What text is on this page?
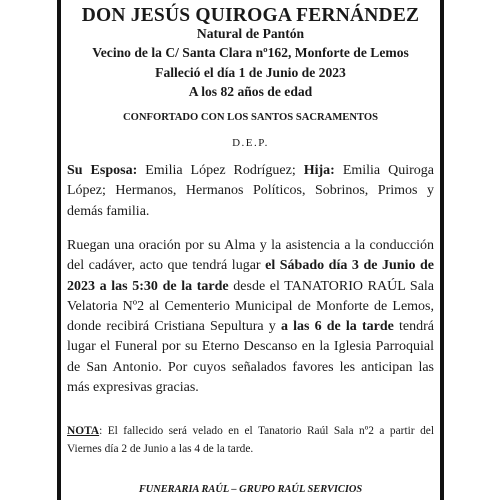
DON JESÚS QUIROGA FERNÁNDEZ
Natural de Pantón
Vecino de la C/ Santa Clara nº162, Monforte de Lemos
Falleció el día 1 de Junio de 2023
A los 82 años de edad
CONFORTADO CON LOS SANTOS SACRAMENTOS
D.E.P.
Su Esposa: Emilia López Rodríguez; Hija: Emilia Quiroga López; Hermanos, Hermanos Políticos, Sobrinos, Primos y demás familia.
Ruegan una oración por su Alma y la asistencia a la conducción del cadáver, acto que tendrá lugar el Sábado día 3 de Junio de 2023 a las 5:30 de la tarde desde el TANATORIO RAÚL Sala Velatoria Nº2 al Cementerio Municipal de Monforte de Lemos, donde recibirá Cristiana Sepultura y a las 6 de la tarde tendrá lugar el Funeral por su Eterno Descanso en la Iglesia Parroquial de San Antonio. Por cuyos señalados favores les anticipan las más expresivas gracias.
NOTA: El fallecido será velado en el Tanatorio Raúl Sala nº2 a partir del Viernes día 2 de Junio a las 4 de la tarde.
FUNERARIA RAÚL – GRUPO RAÚL SERVICIOS
